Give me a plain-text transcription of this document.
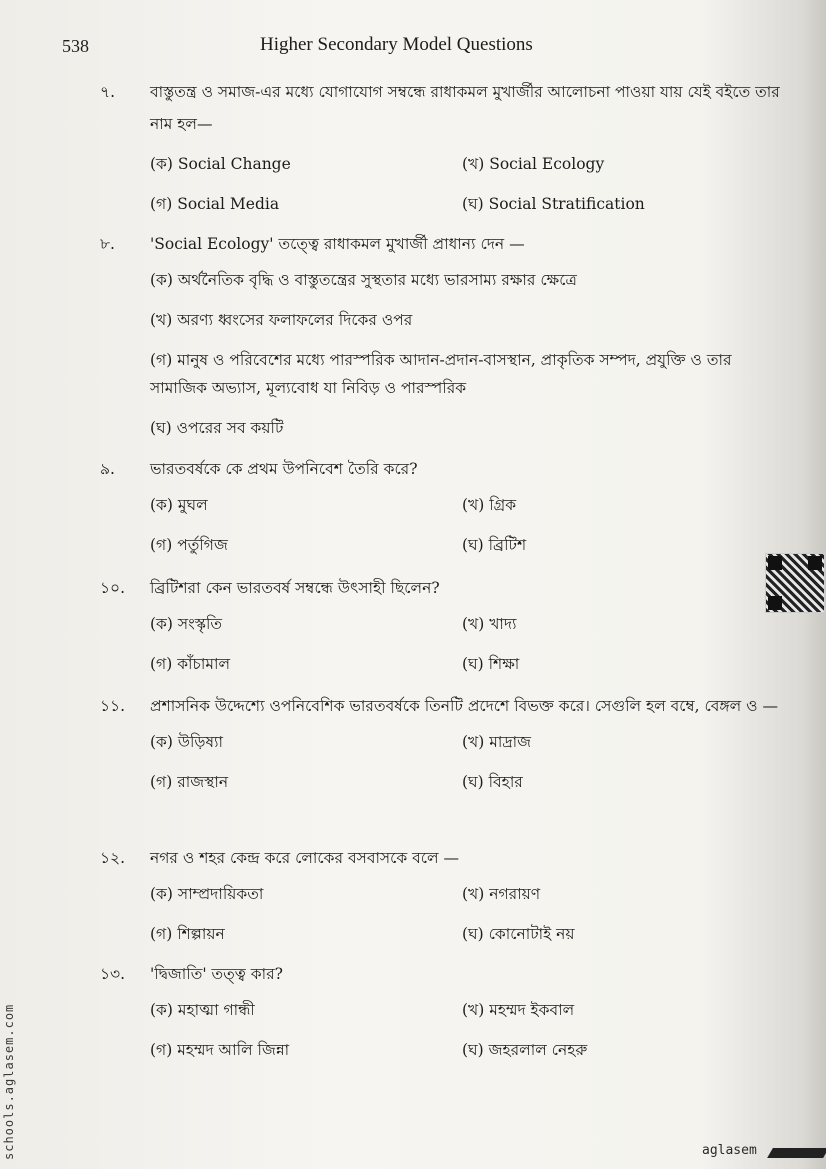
538	Higher Secondary Model Questions
৭.	বাস্তুতন্ত্র ও সমাজ-এর মধ্যে যোগাযোগ সম্বন্ধে রাধাকমল মুখার্জীর আলোচনা পাওয়া যায় যেই বইতে তার নাম হল—
(ক) Social Change	(খ) Social Ecology
(গ) Social Media	(ঘ) Social Stratification
৮.	'Social Ecology' তত্ত্বে রাধাকমল মুখার্জী প্রাধান্য দেন —
(ক) অর্থনৈতিক বৃদ্ধি ও বাস্তুতন্ত্রের সুস্থতার মধ্যে ভারসাম্য রক্ষার ক্ষেত্রে
(খ) অরণ্য ধ্বংসের ফলাফলের দিকের ওপর
(গ) মানুষ ও পরিবেশের মধ্যে পারস্পরিক আদান-প্রদান-বাসস্থান, প্রাকৃতিক সম্পদ, প্রযুক্তি ও তার সামাজিক অভ্যাস, মূল্যবোধ যা নিবিড় ও পারস্পরিক
(ঘ) ওপরের সব কয়টি
৯.	ভারতবর্ষকে কে প্রথম উপনিবেশ তৈরি করে?
(ক) মুঘল	(খ) গ্রিক
(গ) পর্তুগিজ	(ঘ) ব্রিটিশ
১০.	ব্রিটিশরা কেন ভারতবর্ষ সম্বন্ধে উৎসাহী ছিলেন?
(ক) সংস্কৃতি	(খ) খাদ্য
(গ) কাঁচামাল	(ঘ) শিক্ষা
১১.	প্রশাসনিক উদ্দেশ্যে ওপনিবেশিক ভারতবর্ষকে তিনটি প্রদেশে বিভক্ত করে। সেগুলি হল বম্বে, বেঙ্গল ও —
(ক) উড়িষ্যা	(খ) মাদ্রাজ
(গ) রাজস্থান	(ঘ) বিহার
১২.	নগর ও শহর কেন্দ্র করে লোকের বসবাসকে বলে —
(ক) সাম্প্রদায়িকতা	(খ) নগরায়ণ
(গ) শিল্পায়ন	(ঘ) কোনোটাই নয়
১৩.	'দ্বিজাতি' তত্ত্ব কার?
(ক) মহাত্মা গান্ধী	(খ) মহম্মদ ইকবাল
(গ) মহম্মদ আলি জিন্না	(ঘ) জহরলাল নেহরু
schools.aglasem.com	aglasem
